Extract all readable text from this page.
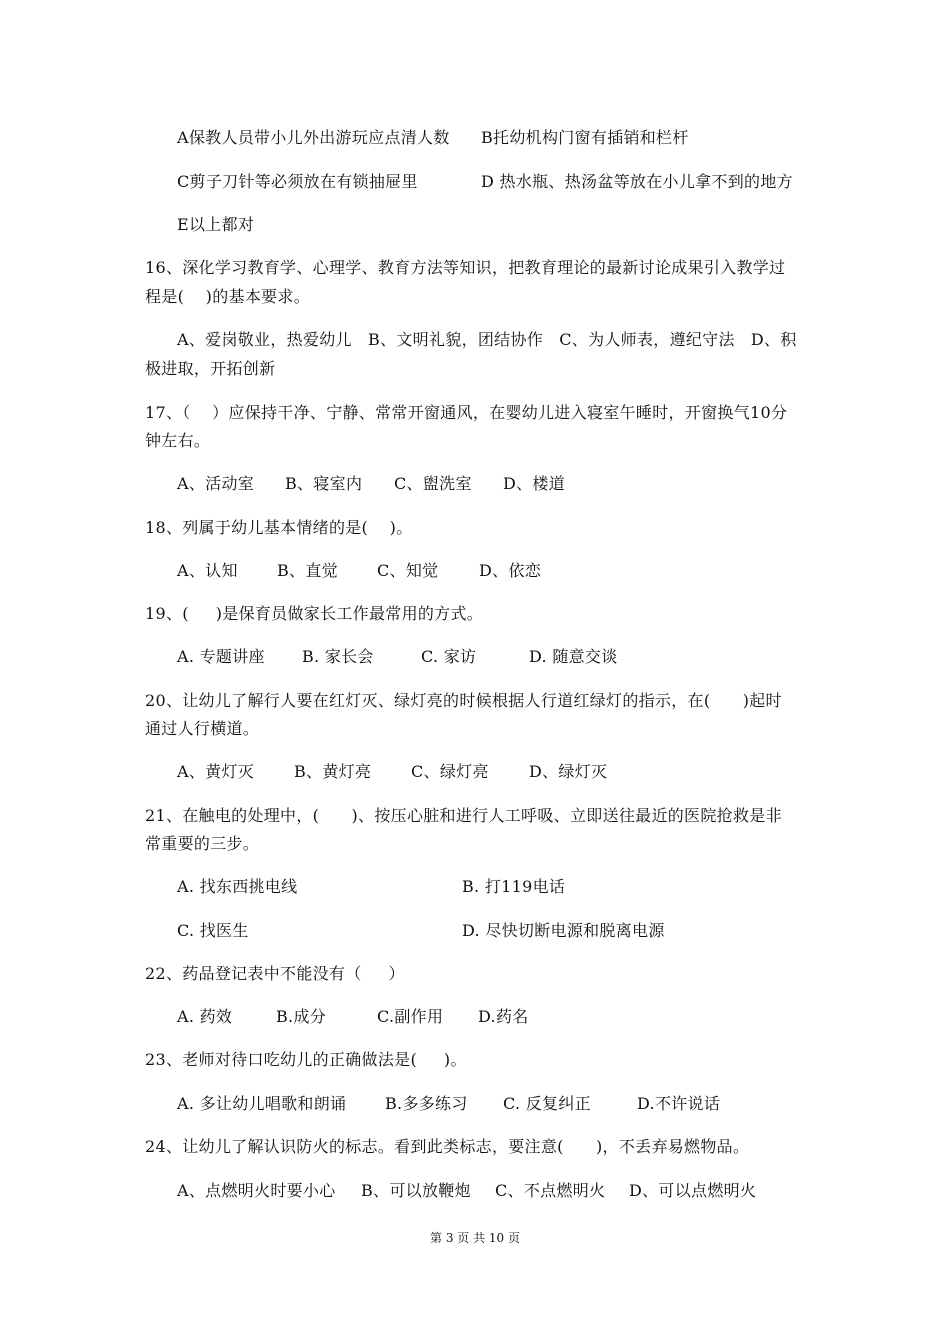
A保教人员带小儿外出游玩应点清人数 B托幼机构门窗有插销和栏杆
C剪子刀针等必须放在有锁抽屉里	D 热水瓶、热汤盆等放在小儿拿不到的地方
E以上都对
16、深化学习教育学、心理学、教育方法等知识，把教育理论的最新讨论成果引入教学过
程是(    )的基本要求。
A、爱岗敬业，热爱幼儿   B、文明礼貌，团结协作   C、为人师表，遵纪守法   D、积
极进取，开拓创新
17、（    ）应保持干净、宁静、常常开窗通风，在婴幼儿进入寝室午睡时，开窗换气10分
钟左右。
A、活动室 B、寝室内 C、盥洗室 D、楼道
18、列属于幼儿基本情绪的是(    )。
A、认知 B、直觉 C、知觉	D、依恋
19、(     )是保育员做家长工作最常用的方式。
A. 专题讲座 B. 家长会	C. 家访	D. 随意交谈
20、让幼儿了解行人要在红灯灭、绿灯亮的时候根据人行道红绿灯的指示，在(      )起时
通过人行横道。
A、黄灯灭 B、黄灯亮 C、绿灯亮	D、绿灯灭
21、在触电的处理中，(      )、按压心脏和进行人工呼吸、立即送往最近的医院抢救是非
常重要的三步。
A. 找东西挑电线	B. 打119电话
C. 找医生	D. 尽快切断电源和脱离电源
22、药品登记表中不能没有（     ）
A. 药效	B.成分	C.副作用 D.药名
23、老师对待口吃幼儿的正确做法是(     )。
A. 多让幼儿唱歌和朗诵 B.多多练习 C. 反复纠正	D.不许说话
24、让幼儿了解认识防火的标志。看到此类标志，要注意(      )，不丢弃易燃物品。
A、点燃明火时要小心 B、可以放鞭炮 C、不点燃明火 D、可以点燃明火
第 3 页 共 10 页
